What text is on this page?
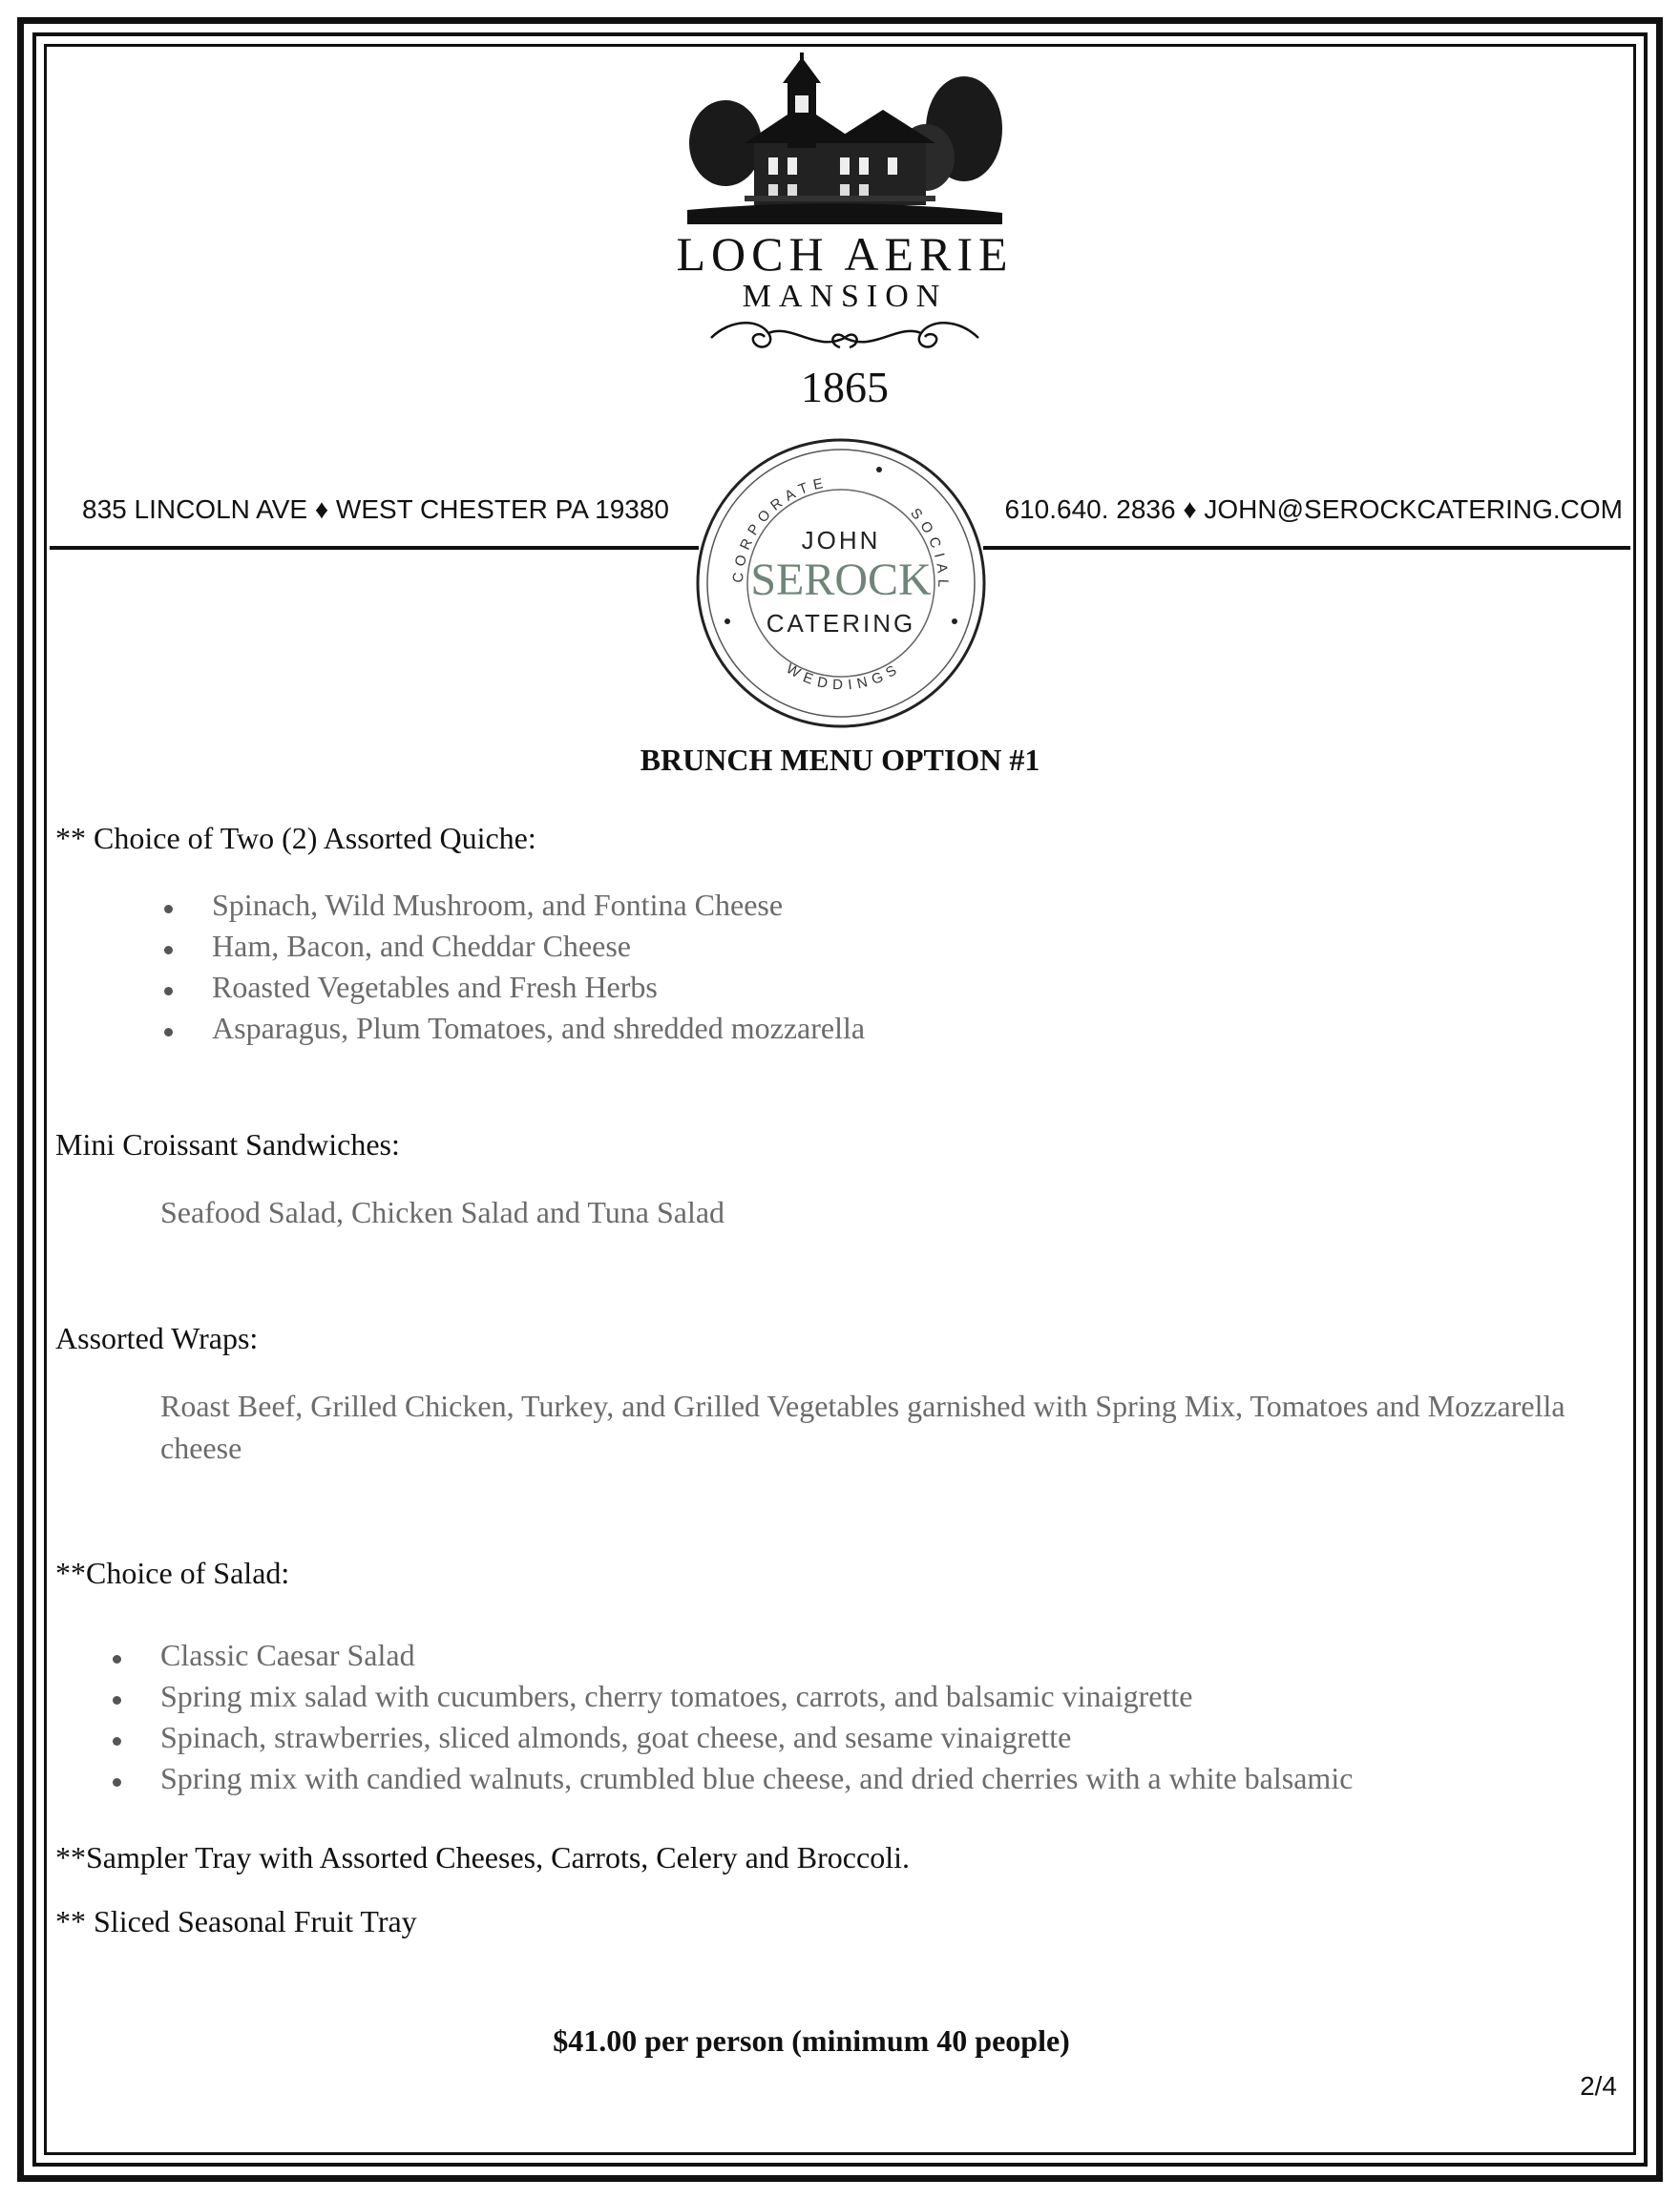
LOCH AERIE
MANSION
1865
835 LINCOLN AVE ♦ WEST CHESTER PA 19380	610.640. 2836 ♦ JOHN@SEROCKCATERING.COM
CORPORATE
SOCIAL
WEDDINGS
JOHN
SEROCK
CATERING
BRUNCH MENU OPTION #1
** Choice of Two (2) Assorted Quiche:
Spinach, Wild Mushroom, and Fontina Cheese
Ham, Bacon, and Cheddar Cheese
Roasted Vegetables and Fresh Herbs
Asparagus, Plum Tomatoes, and shredded mozzarella
Mini Croissant Sandwiches:
Seafood Salad, Chicken Salad and Tuna Salad
Assorted Wraps:
Roast Beef, Grilled Chicken, Turkey, and Grilled Vegetables garnished with Spring Mix, Tomatoes and Mozzarella cheese
**Choice of Salad:
Classic Caesar Salad
Spring mix salad with cucumbers, cherry tomatoes, carrots, and balsamic vinaigrette
Spinach, strawberries, sliced almonds, goat cheese, and sesame vinaigrette
Spring mix with candied walnuts, crumbled blue cheese, and dried cherries with a white balsamic
**Sampler Tray with Assorted Cheeses, Carrots, Celery and Broccoli.
** Sliced Seasonal Fruit Tray
$41.00 per person (minimum 40 people)
2/4
